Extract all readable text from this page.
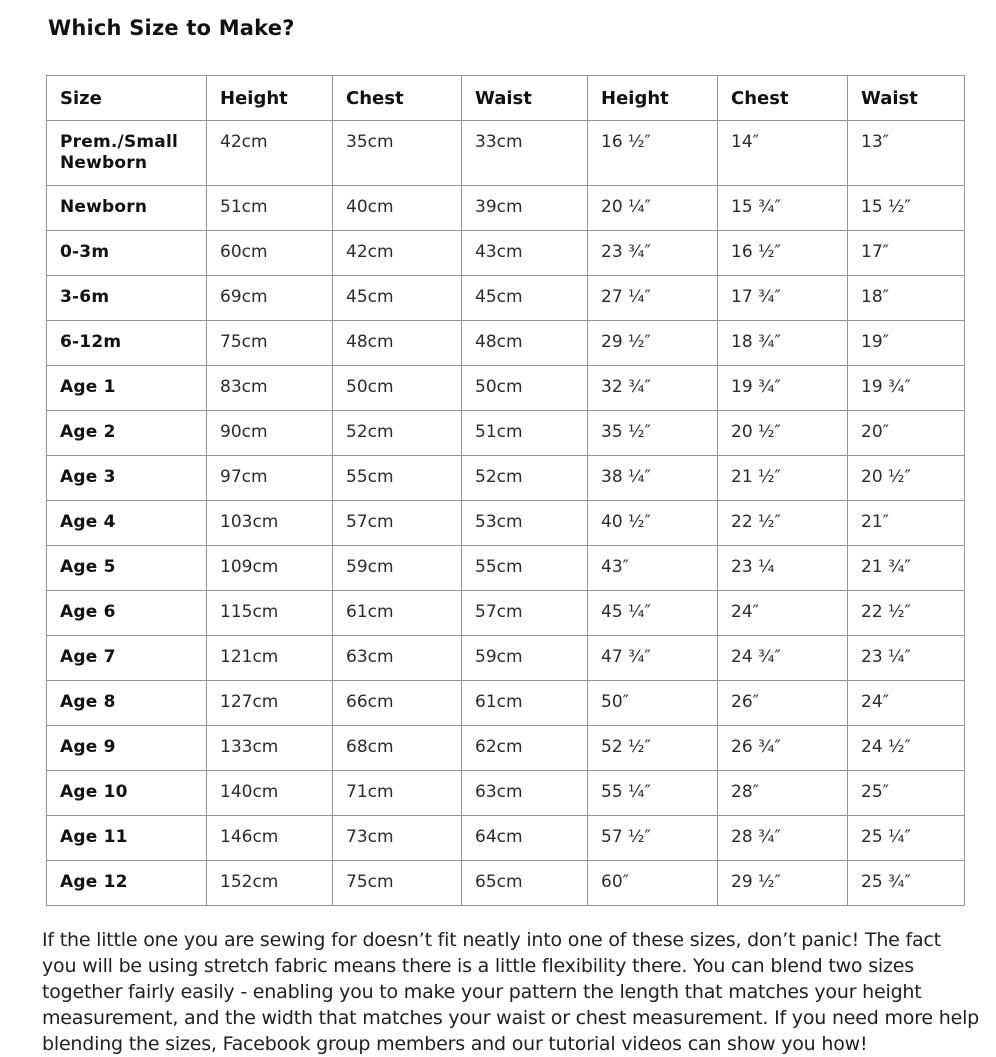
Which Size to Make?
Size	Height	Chest	Waist	Height	Chest	Waist
Prem./Small Newborn	42cm	35cm	33cm	16 ½″	14″	13″
Newborn	51cm	40cm	39cm	20 ¼″	15 ¾″	15 ½″
0-3m	60cm	42cm	43cm	23 ¾″	16 ½″	17″
3-6m	69cm	45cm	45cm	27 ¼″	17 ¾″	18″
6-12m	75cm	48cm	48cm	29 ½″	18 ¾″	19″
Age 1	83cm	50cm	50cm	32 ¾″	19 ¾″	19 ¾″
Age 2	90cm	52cm	51cm	35 ½″	20 ½″	20″
Age 3	97cm	55cm	52cm	38 ¼″	21 ½″	20 ½″
Age 4	103cm	57cm	53cm	40 ½″	22 ½″	21″
Age 5	109cm	59cm	55cm	43″	23 ¼	21 ¾″
Age 6	115cm	61cm	57cm	45 ¼″	24″	22 ½″
Age 7	121cm	63cm	59cm	47 ¾″	24 ¾″	23 ¼″
Age 8	127cm	66cm	61cm	50″	26″	24″
Age 9	133cm	68cm	62cm	52 ½″	26 ¾″	24 ½″
Age 10	140cm	71cm	63cm	55 ¼″	28″	25″
Age 11	146cm	73cm	64cm	57 ½″	28 ¾″	25 ¼″
Age 12	152cm	75cm	65cm	60″	29 ½″	25 ¾″
If the little one you are sewing for doesn’t fit neatly into one of these sizes, don’t panic! The fact
you will be using stretch fabric means there is a little flexibility there. You can blend two sizes
together fairly easily - enabling you to make your pattern the length that matches your height
measurement, and the width that matches your waist or chest measurement. If you need more help
blending the sizes, Facebook group members and our tutorial videos can show you how!
